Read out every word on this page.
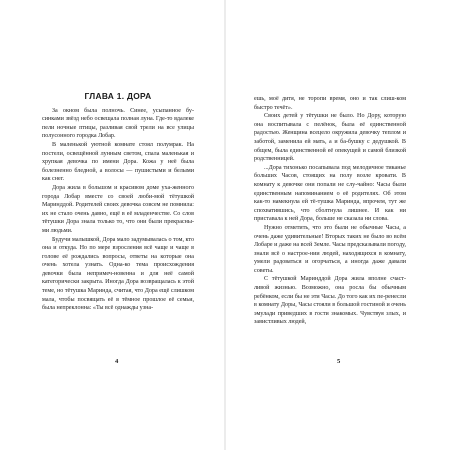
ГЛАВА 1. ДОРА

За окном была полночь. Синее, усыпанное бу-синками звёзд небо освещала полная луна. Где-то вдалеке пели ночные птицы, разливая свой трели на все улицы полусонного городка Лобар.

В маленькой уютной комнате стоял полумрак. На постели, освещённой лунным светом, спала маленькая и хрупкая девочка по имени Дора. Кожа у неё была болезненно бледной, а волосы — пушистыми и белыми как снег.

Дора жила в большом и красивом доме уха-женного города Лобар вместе со своей люби-мой тётушкой Маринддой. Родителей своих девочка совсем не помнила: их не стало очень давно, ещё в её младенчестве. Со слов тётушки Дора знала только то, что они были прекрасны-ми людьми.

Будучи малышкой, Дора мало задумывалась о том, кто она и откуда. Но по мере взросления всё чаще и чаще в голове её рождались вопросы, ответы на которые она очень хотела узнать. Одна-ко тема происхождения девочки была непримеч-новенна и для неё самой категорически закрыта. Иногда Дора возвращалась к этой теме, но тётушка Маринда, считая, что Дора ещё слишком мала, чтобы посвящать её в тёмное прошлое её семьи, была непреклонна: «Ты всё однажды узна-

4

ешь, моё дитя, не торопи время, оно и так слиш-ком быстро течёт».

Своих детей у тётушки не было. Но Дору, которую она воспитывала с пелёнок, была её единственной радостью. Женщина всецело окружила девочку теплом и заботой, заменила ей мать, а и ба-бушку с дедушкой. В общем, была единственной её опекущей и самой близкой родственницей.

...Дора тихонько посапывала под мелодичное тиканье больших Часов, стоящих на полу возле кровати. В комнату к девочке они попали не слу-чайно: Часы были единственным напоминанием о её родителях. Об этом как-то намекнула ей тё-тушка Маринда, впрочем, тут же спохватившись, что сболтнула лишнее. И как ни приставала к ней Дора, больше не сказала ни слова.

Нужно отметить, что это были не обычные Часы, а очень даже удивительные! Вторых таких не было во всём Лобаре и даже на всей Земле. Часы предсказывали погоду, знали всё о настрое-нии людей, находящихся в комнату, умели радоваться и огорчаться, а иногда даже давали советы.

С тётушкой Маринддой Дора жила вполне счаст-ливой жизнью. Возможно, она росла бы обычным ребёнком, если бы не эти Часы. До того как их пе-ренесли в комнату Доры, Часы стояли в большой гостиной и очень эмулади приведших в гости знакомых. Чувствуя злых, и завистливых людей,

5
